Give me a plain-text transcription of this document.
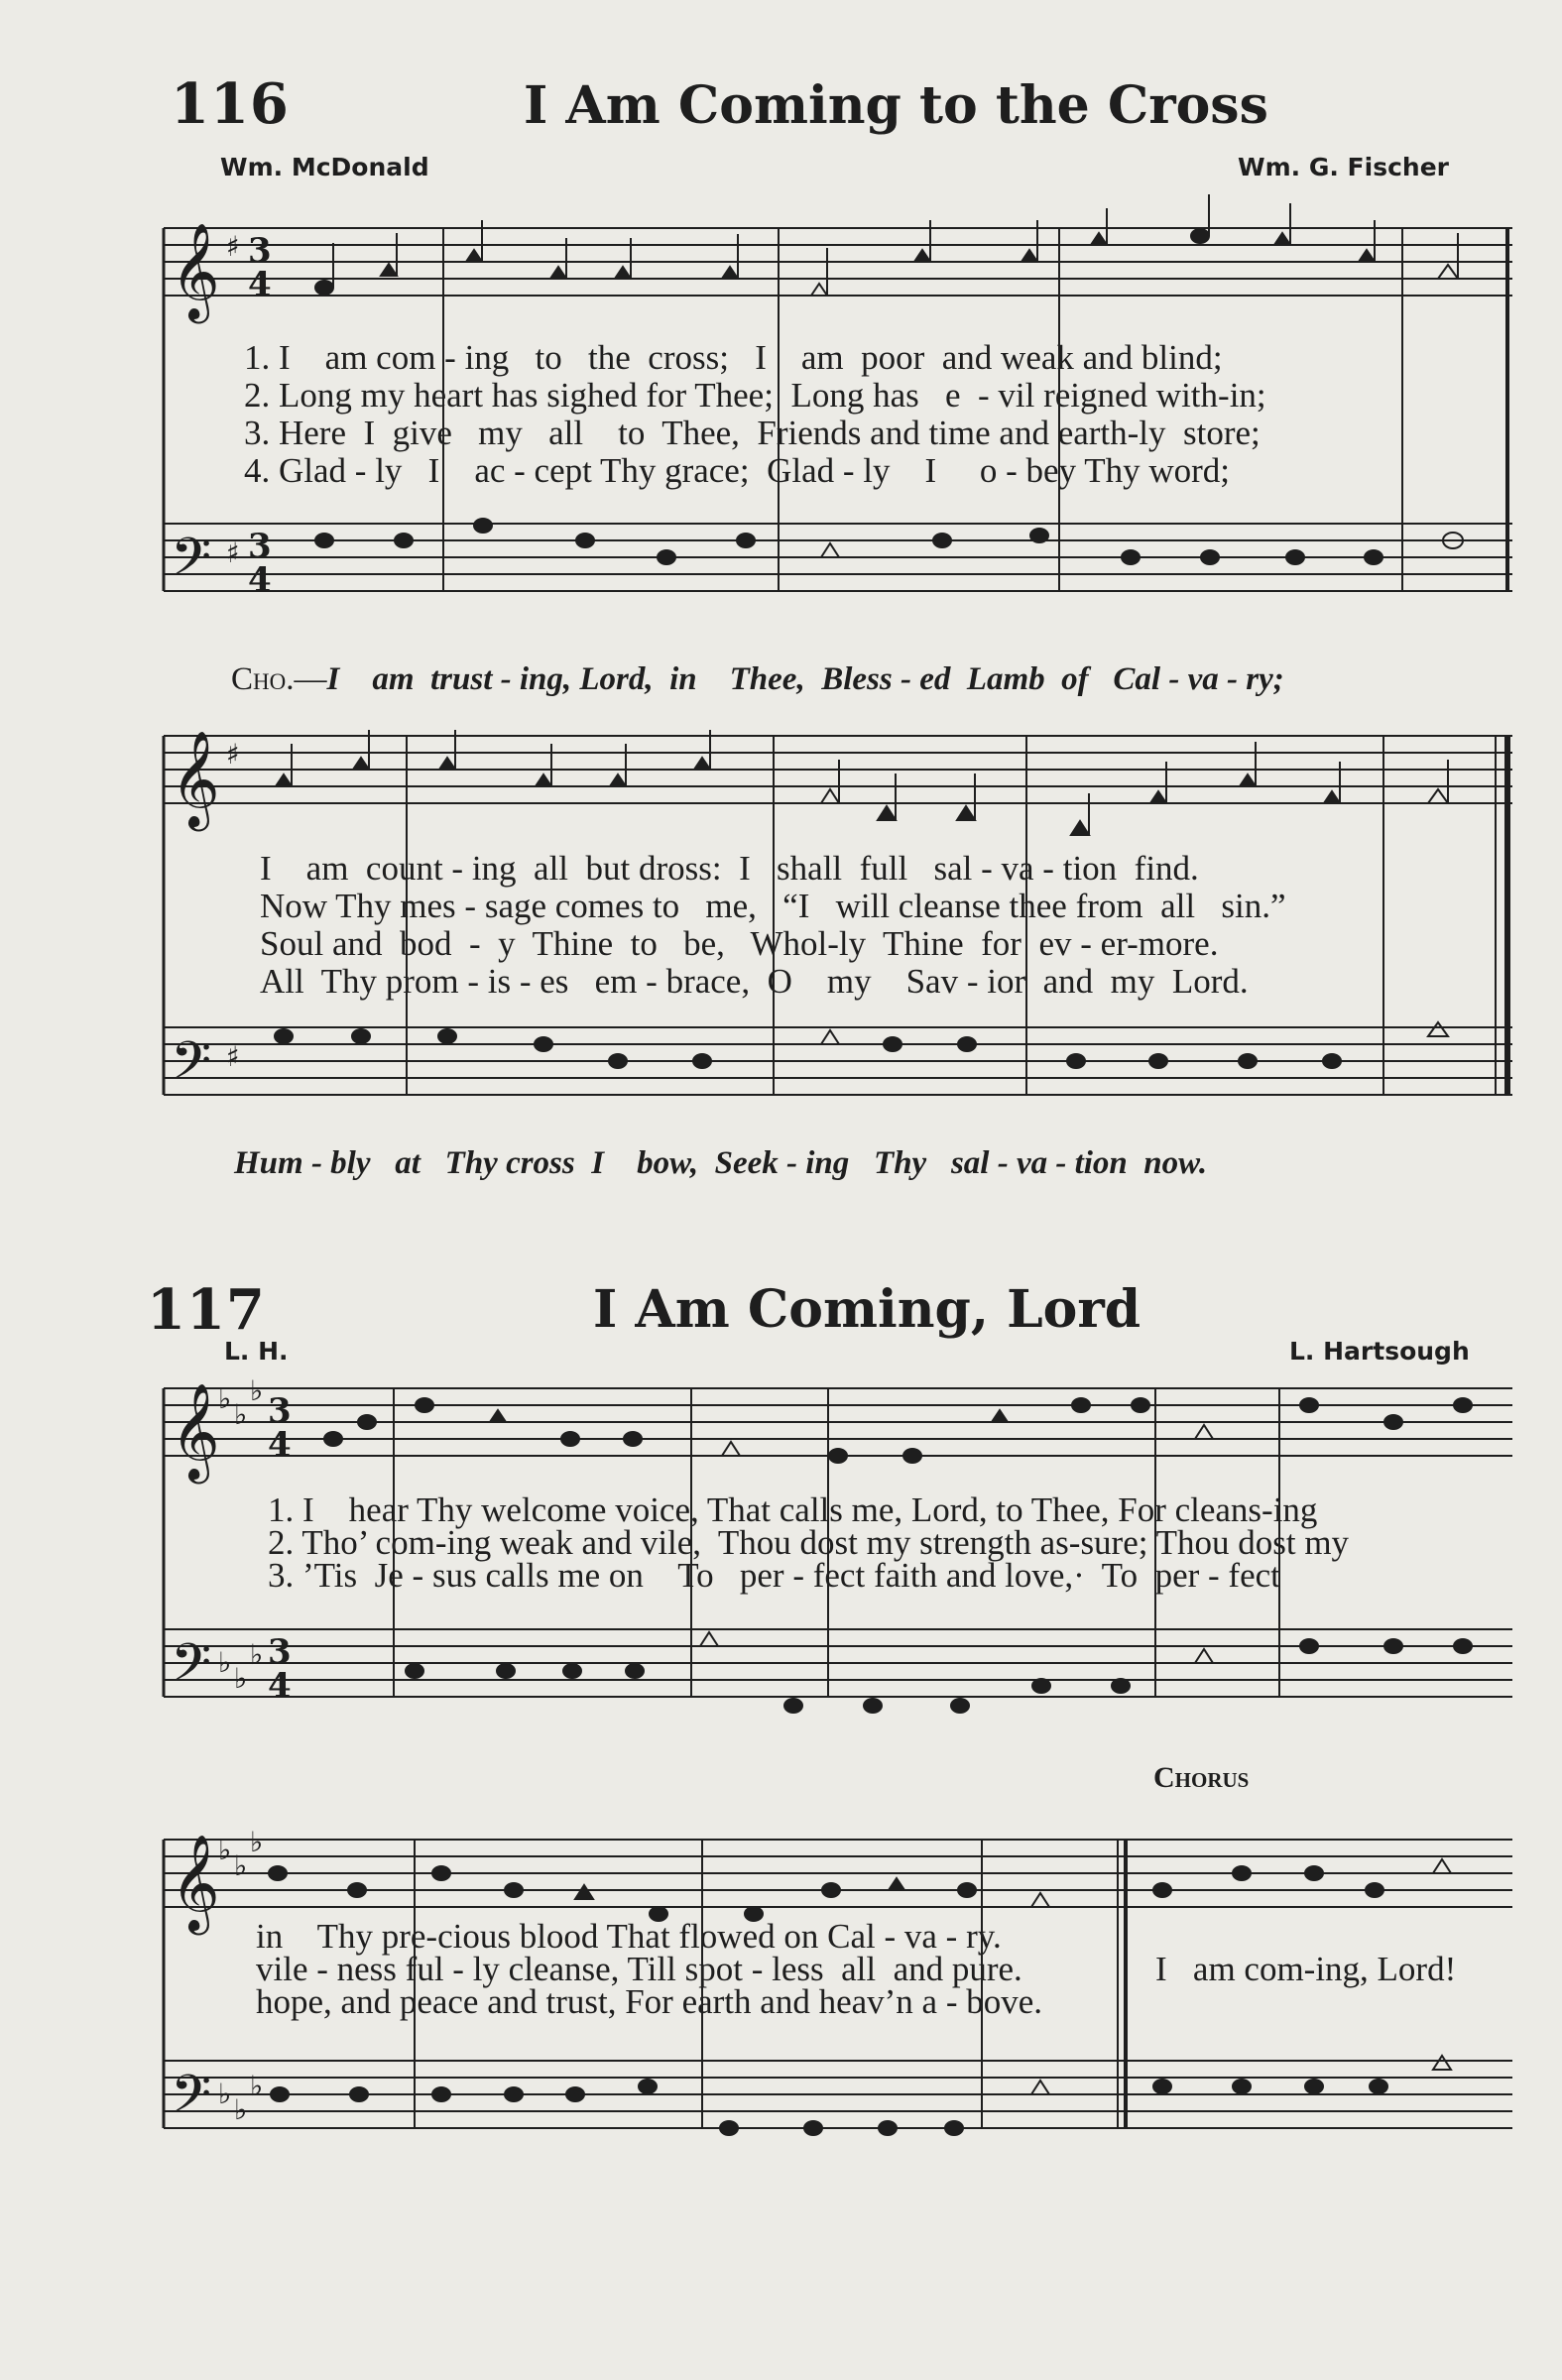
116	I Am Coming to the Cross
Wm. McDonald	Wm. G. Fischer
𝄞 ♯ 3
4
𝄢 ♯ 3
4
𝄞 ♯
𝄢 ♯
𝄞
♭ ♭
♭
3
4
𝄢 ♭ ♭
♭ 3
4
𝄞
♭ ♭
♭
𝄢 ♭ ♭
♭
1. I    am com - ing   to   the  cross;   I    am  poor  and weak and blind;
2. Long my heart has sighed for Thee;  Long has   e  - vil reigned with-in;
3. Here  I  give   my   all    to  Thee,  Friends and time and earth-ly  store;
4. Glad - ly   I    ac - cept Thy grace;  Glad - ly    I     o - bey Thy word;

Cho.—I    am  trust - ing, Lord,  in    Thee,  Bless - ed  Lamb  of   Cal - va - ry;

I    am  count - ing  all  but dross:  I   shall  full   sal - va - tion  find.
Now Thy mes - sage comes to   me,   “I   will cleanse thee from  all   sin.”
Soul and  bod  -  y  Thine  to   be,   Whol-ly  Thine  for  ev - er-more.
All  Thy prom - is - es   em - brace,  O    my    Sav - ior  and  my  Lord.
Hum - bly   at   Thy cross  I    bow,  Seek - ing   Thy   sal - va - tion  now.
117	I Am Coming, Lord
L. H.	L. Hartsough
1. I    hear Thy welcome voice, That calls me, Lord, to Thee, For cleans-ing
2. Tho’ com-ing weak and vile,  Thou dost my strength as-sure; Thou dost my
3. ’Tis  Je - sus calls me on    To   per - fect faith and love,·  To  per - fect
Chorus
in    Thy pre-cious blood That flowed on Cal - va - ry.
vile - ness ful - ly cleanse, Till spot - less  all  and pure.
hope, and peace and trust, For earth and heav’n a - bove.
I   am com-ing, Lord!
